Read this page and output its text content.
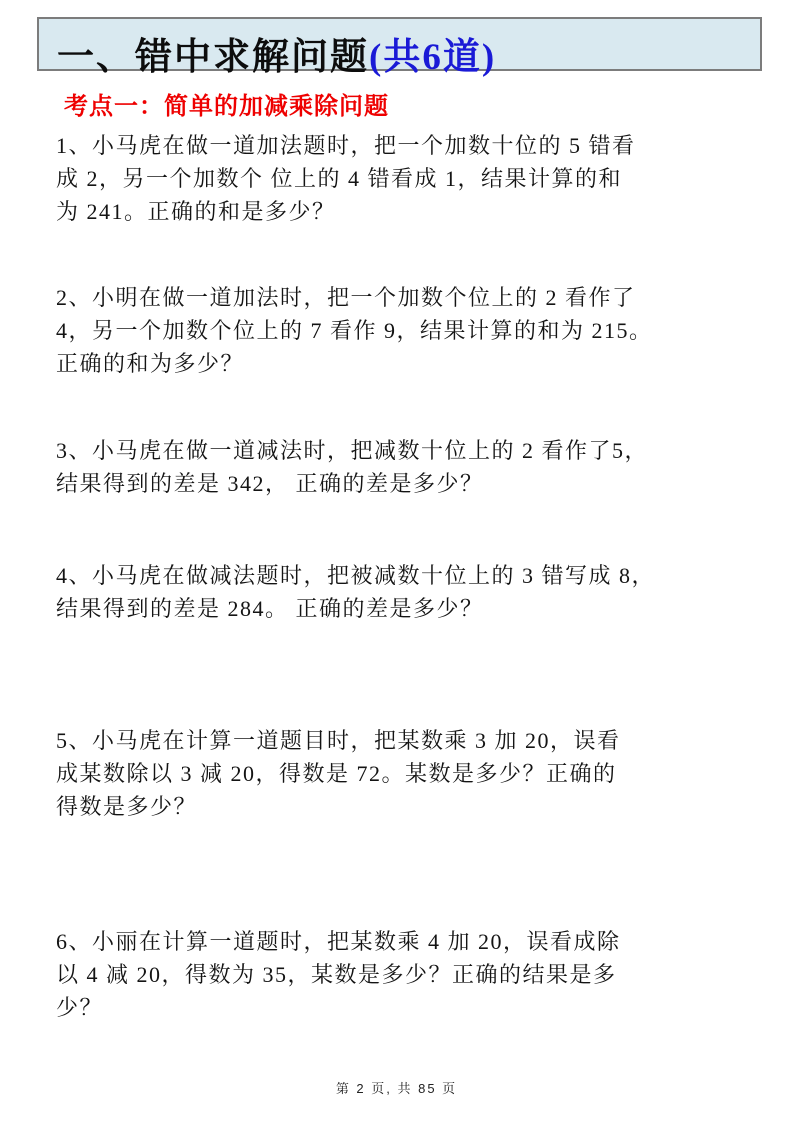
一、错中求解问题(共6道)
考点一：简单的加减乘除问题
1、小马虎在做一道加法题时，把一个加数十位的 5 错看
成 2，另一个加数个 位上的 4 错看成 1，结果计算的和
为 241。正确的和是多少？
2、小明在做一道加法时，把一个加数个位上的 2 看作了
4，另一个加数个位上的 7 看作 9，结果计算的和为 215。
正确的和为多少？
3、小马虎在做一道减法时，把减数十位上的 2 看作了5，
结果得到的差是 342， 正确的差是多少？
4、小马虎在做减法题时，把被减数十位上的 3 错写成 8，
结果得到的差是 284。 正确的差是多少？
5、小马虎在计算一道题目时，把某数乘 3 加 20，误看
成某数除以 3 减 20，得数是 72。某数是多少？正确的
得数是多少？
6、小丽在计算一道题时，把某数乘 4 加 20，误看成除
以 4 减 20，得数为 35，某数是多少？正确的结果是多
少？
第 2 页, 共 85 页
